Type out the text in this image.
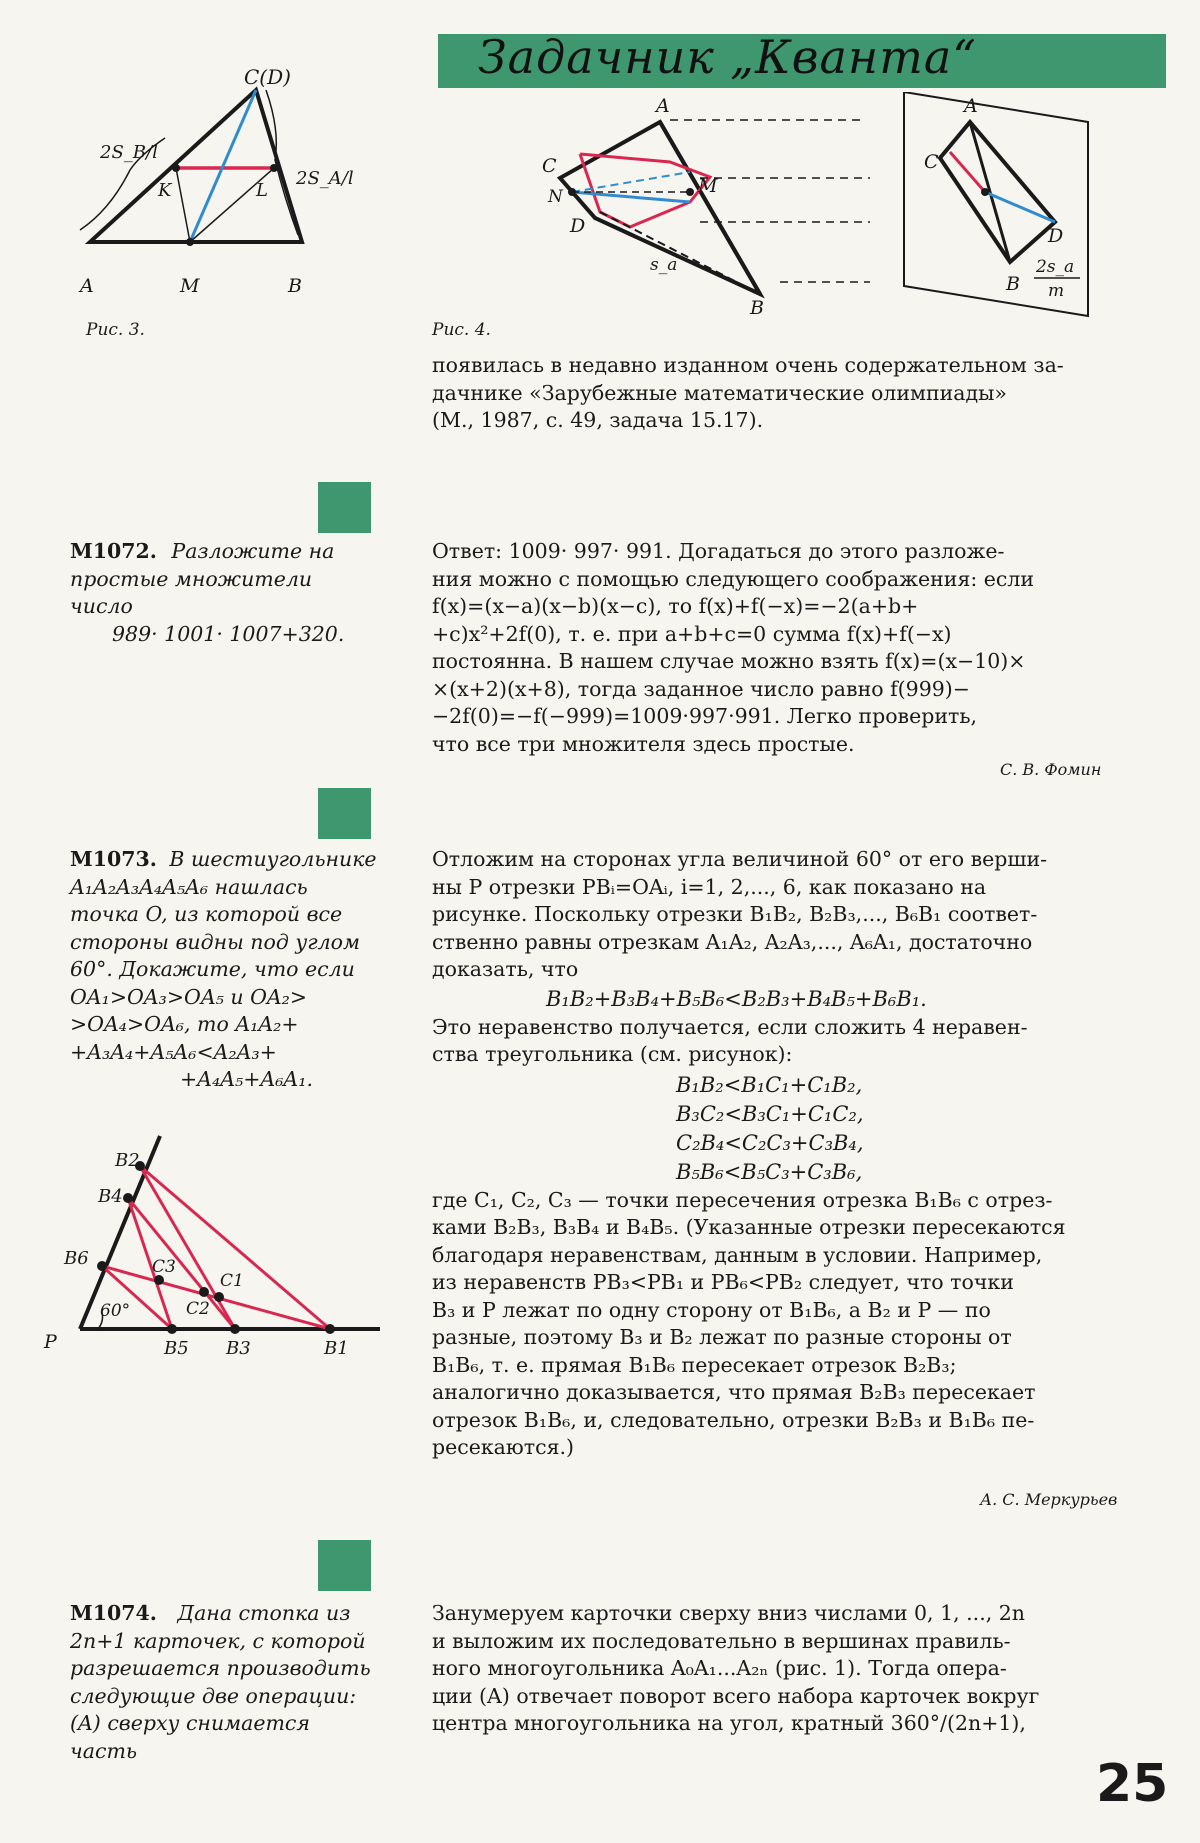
Задачник „Кванта“
C(D)
2S_B/l
2S_A/l
K	L
A	M	B
Рис. 3.
A
C
N	M
D
s_a
B
A
C
D
B
2s_a
m
Рис. 4.

появилась в недавно изданном очень содержательном за-

дачнике «Зарубежные математические олимпиады»

(М., 1987, с. 49, задача 15.17).

М1072. Разложите на
простые множители число
989· 1001· 1007+320.

Ответ: 1009· 997· 991. Догадаться до этого разложе-

ния можно с помощью следующего соображения: если

f(x)=(x−a)(x−b)(x−c), то f(x)+f(−x)=−2(a+b+

+c)x²+2f(0), т. е. при a+b+c=0 сумма f(x)+f(−x)

постоянна. В нашем случае можно взять f(x)=(x−10)×

×(x+2)(x+8), тогда заданное число равно f(999)−

−2f(0)=−f(−999)=1009·997·991. Легко проверить,

что все три множителя здесь простые.

С. В. Фомин
М1073. В шестиугольнике
A₁A₂A₃A₄A₅A₆ нашлась
точка O, из которой все
стороны видны под углом
60°. Докажите, что если
OA₁>OA₃>OA₅ и OA₂>
>OA₄>OA₆, то A₁A₂+
+A₃A₄+A₅A₆<A₂A₃+
+A₄A₅+A₆A₁.
B2
B4
B6	C3
C1
C2
60°
P	B5 B3	B1

Отложим на сторонах угла величиной 60° от его верши-

ны P отрезки PBᵢ=OAᵢ, i=1, 2,..., 6, как показано на

рисунке. Поскольку отрезки B₁B₂, B₂B₃,..., B₆B₁ соответ-

ственно равны отрезкам A₁A₂, A₂A₃,..., A₆A₁, достаточно

доказать, что

B₁B₂+B₃B₄+B₅B₆<B₂B₃+B₄B₅+B₆B₁.

Это неравенство получается, если сложить 4 неравен-

ства треугольника (см. рисунок):

B₁B₂<B₁C₁+C₁B₂,
B₃C₂<B₃C₁+C₁C₂,
C₂B₄<C₂C₃+C₃B₄,
B₅B₆<B₅C₃+C₃B₆,

где C₁, C₂, C₃ — точки пересечения отрезка B₁B₆ с отрез-

ками B₂B₃, B₃B₄ и B₄B₅. (Указанные отрезки пересекаются

благодаря неравенствам, данным в условии. Например,

из неравенств PB₃<PB₁ и PB₆<PB₂ следует, что точки

B₃ и P лежат по одну сторону от B₁B₆, а B₂ и P — по

разные, поэтому B₃ и B₂ лежат по разные стороны от

B₁B₆, т. е. прямая B₁B₆ пересекает отрезок B₂B₃;

аналогично доказывается, что прямая B₂B₃ пересекает

отрезок B₁B₆, и, следовательно, отрезки B₂B₃ и B₁B₆ пе-

ресекаются.)

А. С. Меркурьев
М1074. Дана стопка из
2n+1 карточек, с которой
разрешается производить
следующие две операции:
(A) сверху снимается часть

Занумеруем карточки сверху вниз числами 0, 1, ..., 2n

и выложим их последовательно в вершинах правиль-

ного многоугольника A₀A₁...A₂ₙ (рис. 1). Тогда опера-

ции (A) отвечает поворот всего набора карточек вокруг

центра многоугольника на угол, кратный 360°/(2n+1),

25
